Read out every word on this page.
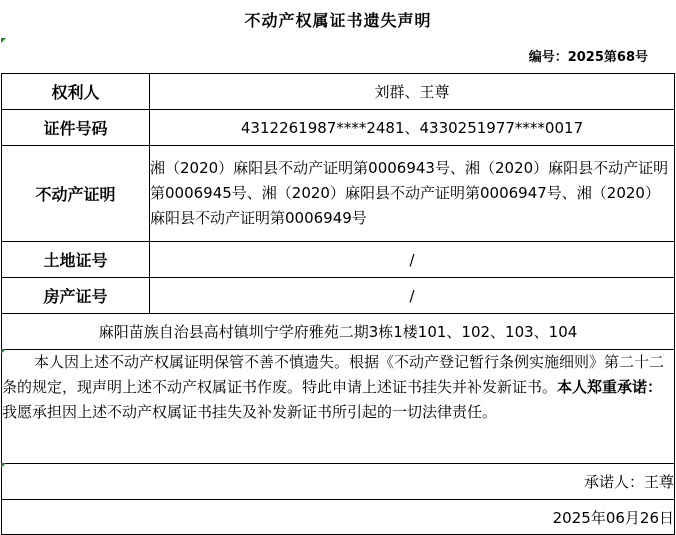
不动产权属证书遗失声明
编号：2025第68号
权利人	刘群、王尊
证件号码	4312261987****2481、4330251977****0017
不动产证明	湘（2020）麻阳县不动产证明第0006943号、湘（2020）麻阳县不动产证明第0006945号、湘（2020）麻阳县不动产证明第0006947号、湘（2020）麻阳县不动产证明第0006949号
土地证号	/
房产证号	/
麻阳苗族自治县高村镇圳宁学府雅苑二期3栋1楼101、102、103、104	
本人因上述不动产权属证明保管不善不慎遗失。根据《不动产登记暂行条例实施细则》第二十二条的规定，现声明上述不动产权属证书作废。特此申请上述证书挂失并补发新证书。本人郑重承诺：我愿承担因上述不动产权属证书挂失及补发新证书所引起的一切法律责任。	
承诺人：王尊	
2025年06月26日	
